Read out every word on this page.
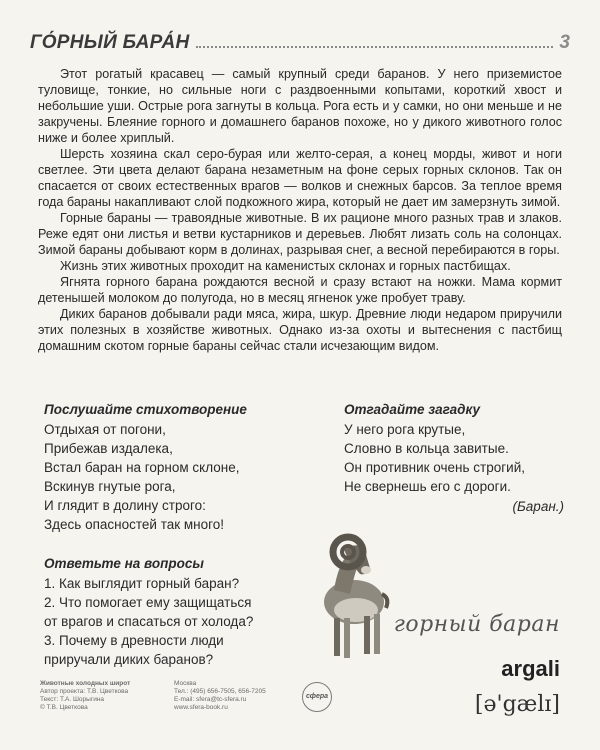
ГО́РНЫЙ БАРА́Н	3

Этот рогатый красавец — самый крупный среди баранов. У него приземистое туловище, тонкие, но сильные ноги с раздвоенными копытами, короткий хвост и небольшие уши. Острые рога загнуты в кольца. Рога есть и у самки, но они меньше и не закручены. Блеяние горного и домашнего баранов похоже, но у дикого животного голос ниже и более хриплый.

Шерсть хозяина скал серо-бурая или желто-серая, а конец морды, живот и ноги светлее. Эти цвета делают барана незаметным на фоне серых горных склонов. Так он спасается от своих естественных врагов — волков и снежных барсов. За теплое время года бараны накапливают слой подкожного жира, который не дает им замерзнуть зимой.

Горные бараны — травоядные животные. В их рационе много разных трав и злаков. Реже едят они листья и ветви кустарников и деревьев. Любят лизать соль на солонцах. Зимой бараны добывают корм в долинах, разрывая снег, а весной перебираются в горы.

Жизнь этих животных проходит на каменистых склонах и горных пастбищах.

Ягнята горного барана рождаются весной и сразу встают на ножки. Мама кормит детенышей молоком до полугода, но в месяц ягненок уже пробует траву.

Диких баранов добывали ради мяса, жира, шкур. Древние люди недаром приручили этих полезных в хозяйстве животных. Однако из-за охоты и вытеснения с пастбищ домашним скотом горные бараны сейчас стали исчезающим видом.

Послушайте стихотворение
Отдыхая от погони,
Прибежав издалека,
Встал баран на горном склоне,
Вскинув гнутые рога,
И глядит в долину строго:
Здесь опасностей так много!
Отгадайте загадку
У него рога крутые,
Словно в кольца завитые.
Он противник очень строгий,
Не свернешь его с дороги.
(Баран.)
Ответьте на вопросы
1. Как выглядит горный баран?
2. Что помогает ему защищаться
от врагов и спасаться от холода?
3. Почему в древности люди
приручали диких баранов?
горный баран
argali
[ə'gælɪ]
Животные холодных широт
Автор проекта: Т.В. Цветкова
Текст: Т.А. Шорыгина
© Т.В. Цветкова
Москва
Тел.: (495) 656-7505, 656-7205
E-mail: sfera@tc-sfera.ru
www.sfera-book.ru
сфера
